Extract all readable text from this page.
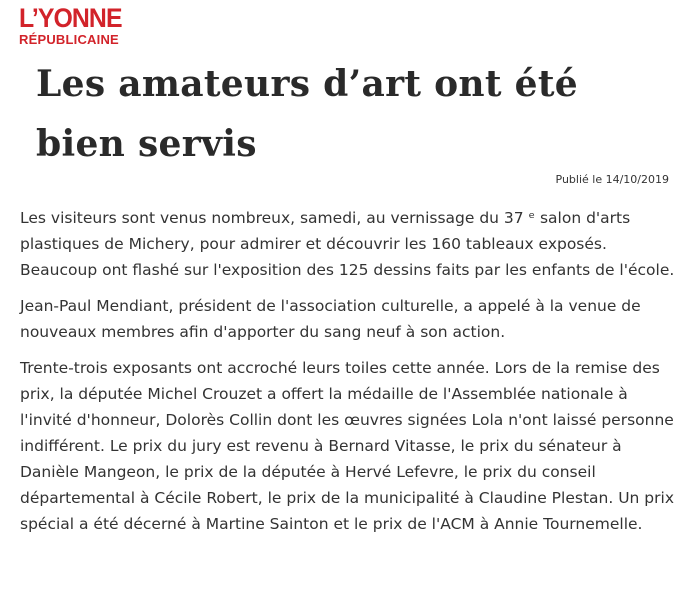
L’YONNE
RÉPUBLICAINE
Les amateurs d’art ont été bien servis
Publié le 14/10/2019

Les visiteurs sont venus nombreux, samedi, au vernissage du 37 ᵉ salon d'arts plastiques de Michery, pour admirer et découvrir les 160 tableaux exposés. Beaucoup ont flashé sur l'exposition des 125 dessins faits par les enfants de l'école.

Jean-Paul Mendiant, président de l'association culturelle, a appelé à la venue de nouveaux membres afin d'apporter du sang neuf à son action.

Trente-trois exposants ont accroché leurs toiles cette année. Lors de la remise des prix, la députée Michel Crouzet a offert la médaille de l'Assemblée nationale à l'invité d'honneur, Dolorès Collin dont les œuvres signées Lola n'ont laissé personne indifférent. Le prix du jury est revenu à Bernard Vitasse, le prix du sénateur à Danièle Mangeon, le prix de la députée à Hervé Lefevre, le prix du conseil départemental à Cécile Robert, le prix de la municipalité à Claudine Plestan. Un prix spécial a été décerné à Martine Sainton et le prix de l'ACM à Annie Tournemelle.
